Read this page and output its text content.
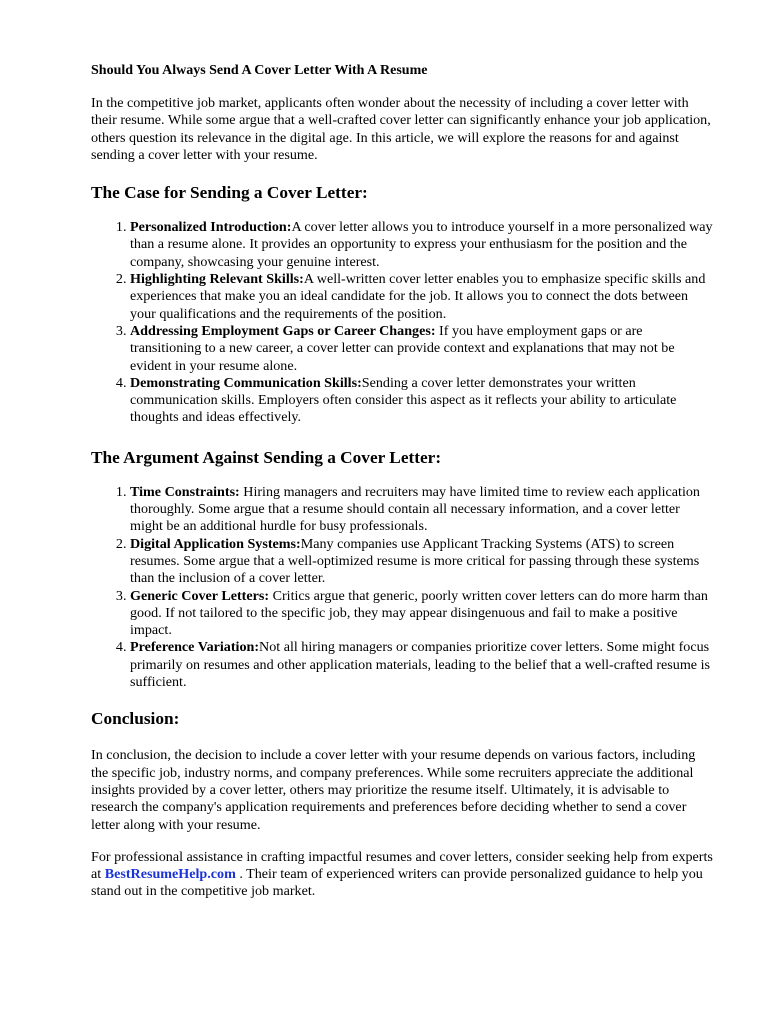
Should You Always Send A Cover Letter With A Resume

In the competitive job market, applicants often wonder about the necessity of including a cover letter with their resume. While some argue that a well-crafted cover letter can significantly enhance your job application, others question its relevance in the digital age. In this article, we will explore the reasons for and against sending a cover letter with your resume.

The Case for Sending a Cover Letter:
1. Personalized Introduction:A cover letter allows you to introduce yourself in a more personalized way than a resume alone. It provides an opportunity to express your enthusiasm for the position and the company, showcasing your genuine interest.
2. Highlighting Relevant Skills:A well-written cover letter enables you to emphasize specific skills and experiences that make you an ideal candidate for the job. It allows you to connect the dots between your qualifications and the requirements of the position.
3. Addressing Employment Gaps or Career Changes: If you have employment gaps or are transitioning to a new career, a cover letter can provide context and explanations that may not be evident in your resume alone.
4. Demonstrating Communication Skills:Sending a cover letter demonstrates your written communication skills. Employers often consider this aspect as it reflects your ability to articulate thoughts and ideas effectively.
The Argument Against Sending a Cover Letter:
1. Time Constraints: Hiring managers and recruiters may have limited time to review each application thoroughly. Some argue that a resume should contain all necessary information, and a cover letter might be an additional hurdle for busy professionals.
2. Digital Application Systems:Many companies use Applicant Tracking Systems (ATS) to screen resumes. Some argue that a well-optimized resume is more critical for passing through these systems than the inclusion of a cover letter.
3. Generic Cover Letters: Critics argue that generic, poorly written cover letters can do more harm than good. If not tailored to the specific job, they may appear disingenuous and fail to make a positive impact.
4. Preference Variation:Not all hiring managers or companies prioritize cover letters. Some might focus primarily on resumes and other application materials, leading to the belief that a well-crafted resume is sufficient.
Conclusion:

In conclusion, the decision to include a cover letter with your resume depends on various factors, including the specific job, industry norms, and company preferences. While some recruiters appreciate the additional insights provided by a cover letter, others may prioritize the resume itself. Ultimately, it is advisable to research the company's application requirements and preferences before deciding whether to send a cover letter along with your resume.

For professional assistance in crafting impactful resumes and cover letters, consider seeking help from experts at BestResumeHelp.com . Their team of experienced writers can provide personalized guidance to help you stand out in the competitive job market.
